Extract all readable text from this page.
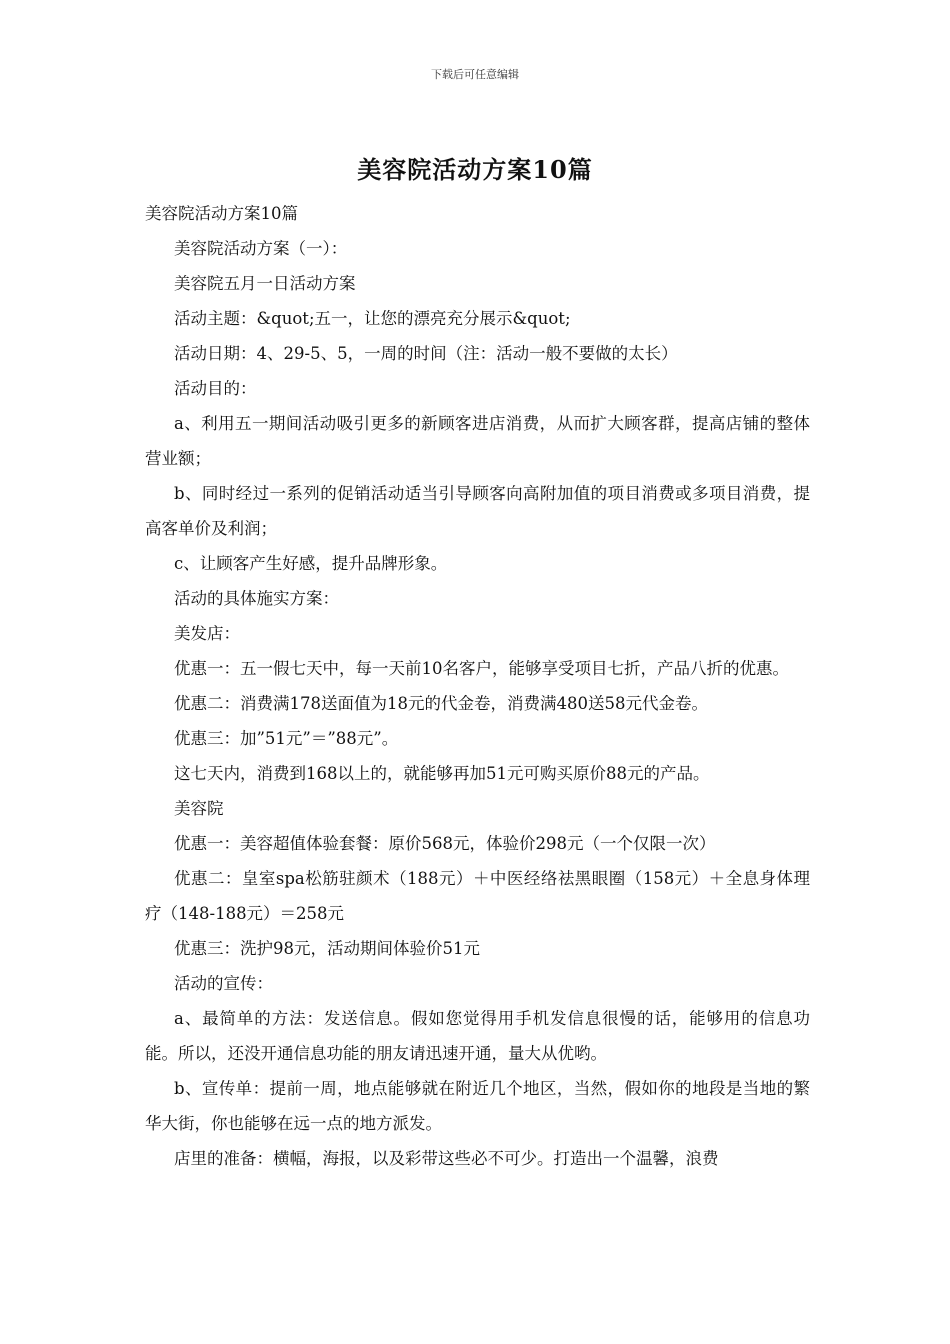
下载后可任意编辑
美容院活动方案10篇

美容院活动方案10篇

美容院活动方案（一）：

美容院五月一日活动方案

活动主题：&quot;五一，让您的漂亮充分展示&quot;

活动日期：4、29-5、5，一周的时间（注：活动一般不要做的太长）

活动目的：

a、利用五一期间活动吸引更多的新顾客进店消费，从而扩大顾客群，提高店铺的整体营业额；

b、同时经过一系列的促销活动适当引导顾客向高附加值的项目消费或多项目消费，提高客单价及利润；

c、让顾客产生好感，提升品牌形象。

活动的具体施实方案：

美发店：

优惠一：五一假七天中，每一天前10名客户，能够享受项目七折，产品八折的优惠。

优惠二：消费满178送面值为18元的代金卷，消费满480送58元代金卷。

优惠三：加”51元”＝”88元”。

这七天内，消费到168以上的，就能够再加51元可购买原价88元的产品。

美容院

优惠一：美容超值体验套餐：原价568元，体验价298元（一个仅限一次）

优惠二：皇室spa松筋驻颜术（188元）＋中医经络祛黑眼圈（158元）＋全息身体理疗（148-188元）＝258元

优惠三：洗护98元，活动期间体验价51元

活动的宣传：

a、最简单的方法：发送信息。假如您觉得用手机发信息很慢的话，能够用的信息功能。所以，还没开通信息功能的朋友请迅速开通，量大从优哟。

b、宣传单：提前一周，地点能够就在附近几个地区，当然，假如你的地段是当地的繁华大街，你也能够在远一点的地方派发。

店里的准备：横幅，海报，以及彩带这些必不可少。打造出一个温馨，浪费
